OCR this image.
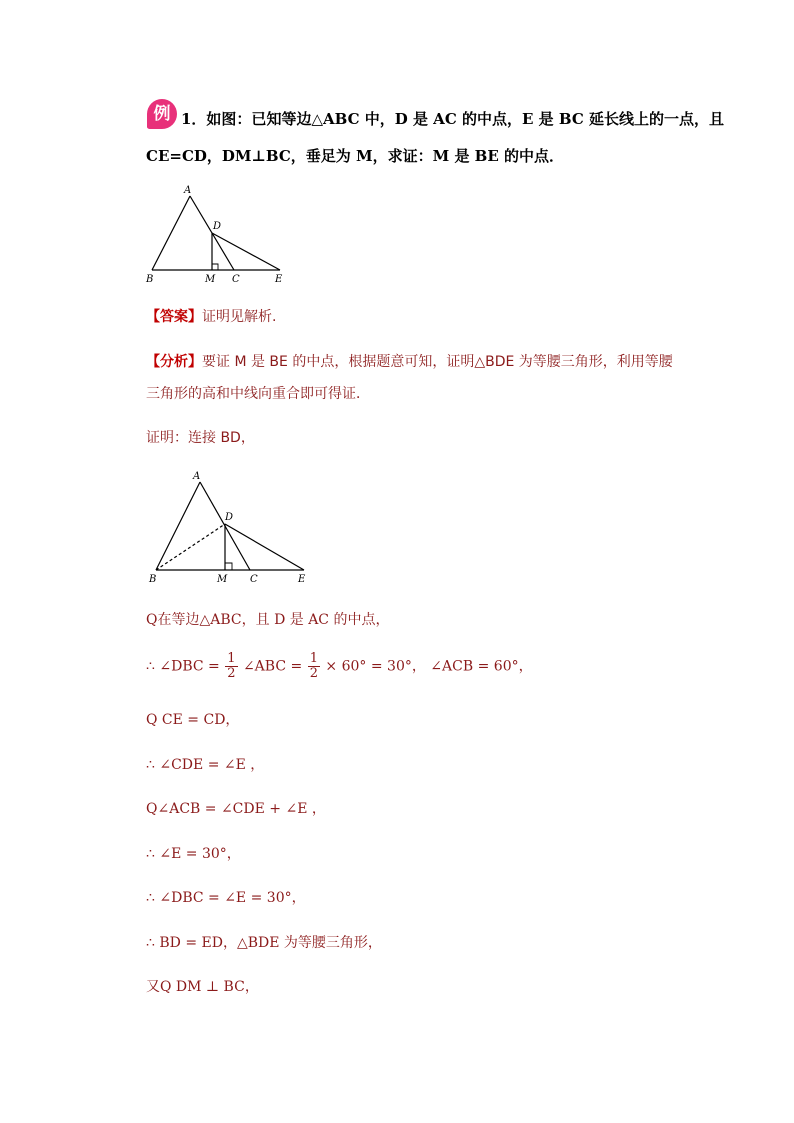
例 1．如图：已知等边△ABC 中，D 是 AC 的中点，E 是 BC 延长线上的一点，且
CE=CD，DM⊥BC，垂足为 M，求证：M 是 BE 的中点．
A
D
B	M C	E
【答案】证明见解析.
【分析】要证 M 是 BE 的中点，根据题意可知，证明△BDE 为等腰三角形，利用等腰
三角形的高和中线向重合即可得证．
证明：连接 BD，
A
D
B	M C	E
Q在等边△ABC，且 D 是 AC 的中点，
∴ ∠DBC = $\frac{1}{2}$ ∠ABC = $\frac{1}{2} \times 60^\circ = 30^\circ$， ∠ACB = 60°，
Q CE = CD，
∴ ∠CDE = ∠E ，
Q∠ACB = ∠CDE + ∠E ，
∴ ∠E = 30°，
∴ ∠DBC = ∠E = 30°，
∴ BD = ED，△BDE 为等腰三角形，
又Q DM ⊥ BC，
